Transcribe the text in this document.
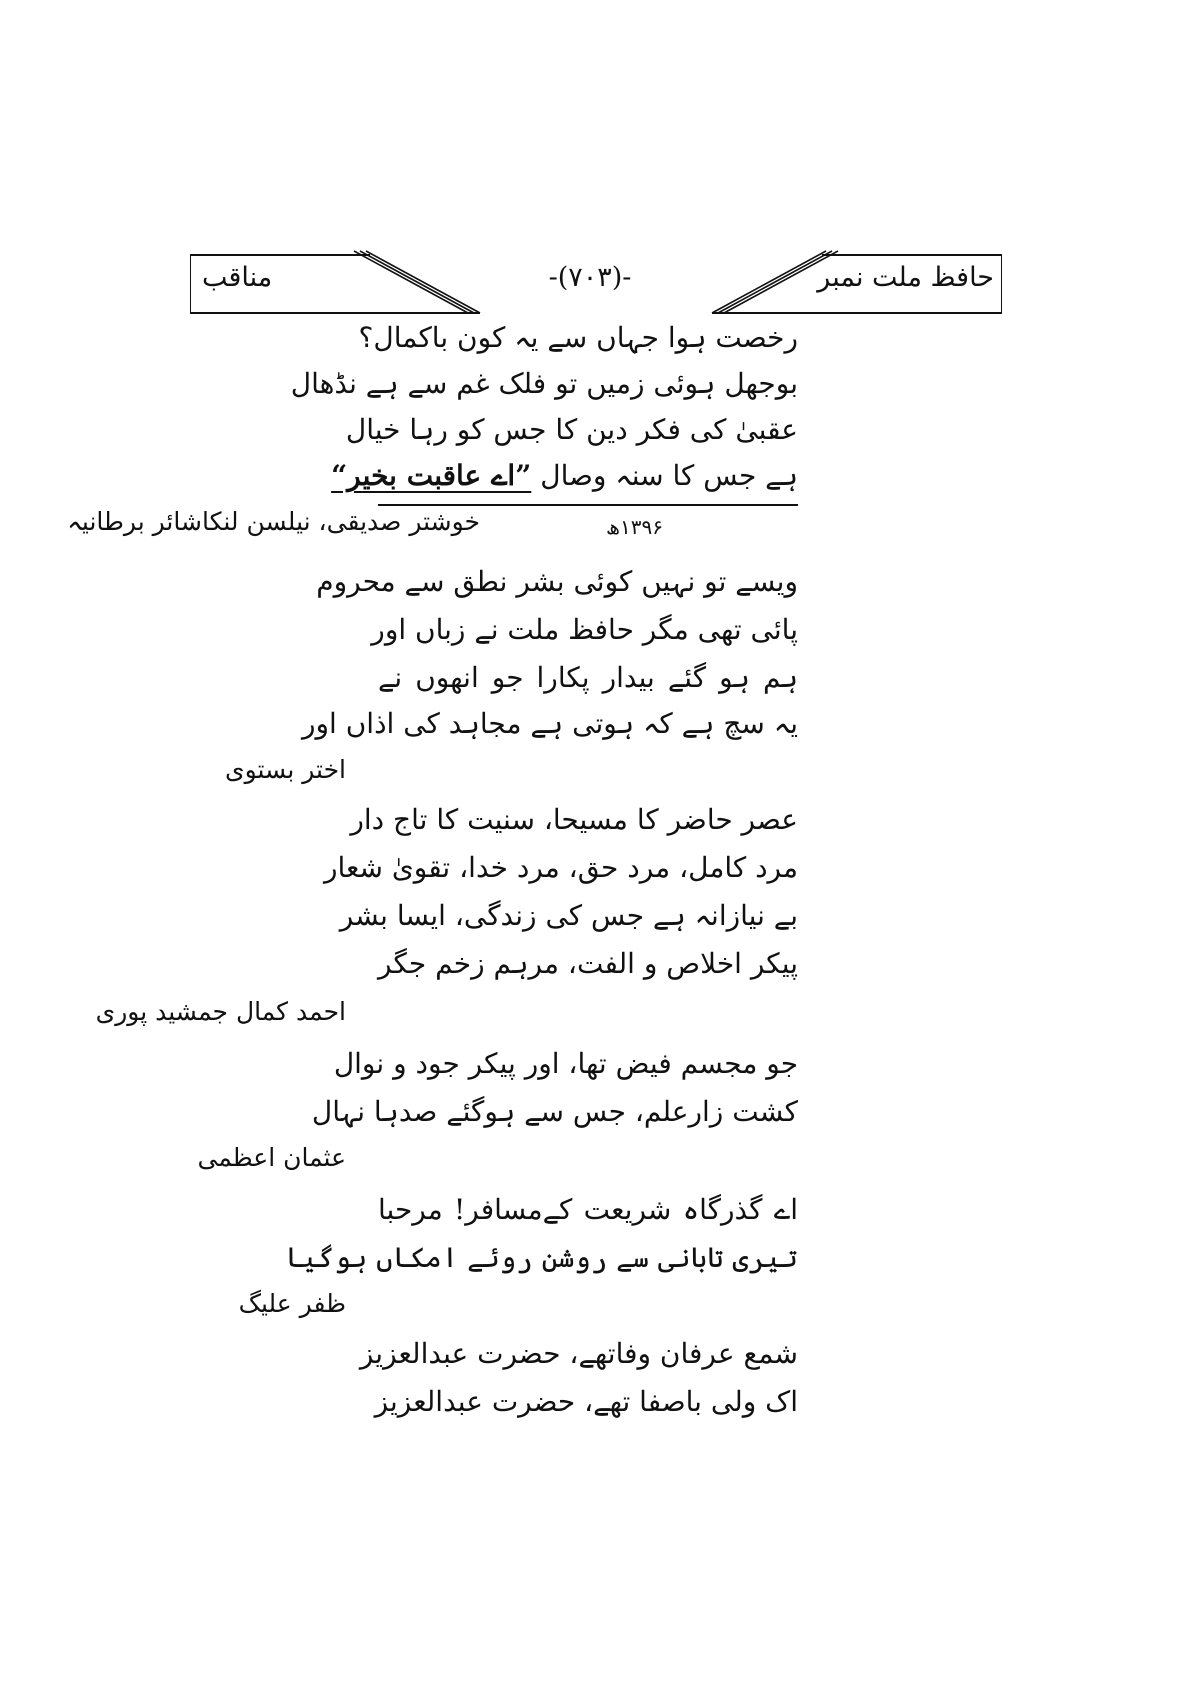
حافظ ملت نمبر
-(۷۰۳)-
مناقب
رخصت ہوا جہاں سے یہ کون باکمال؟
بوجھل ہوئی زمیں تو فلک غم سے ہے نڈھال
عقبیٰ کی فکر دین کا جس کو رہا خیال
ہے جس کا سنہ وصال ”اے عاقبت بخیر“
۱۳۹۶ھ
خوشتر صدیقی، نیلسن لنکاشائر برطانیہ
ویسے تو نہیں کوئی بشر نطق سے محروم
پائی تھی مگر حافظ ملت نے زباں اور
ہم ہو گئے بیدار پکارا جو انھوں نے
یہ سچ ہے کہ ہوتی ہے مجاہد کی اذاں اور
اختر بستوی
عصر حاضر کا مسیحا، سنیت کا تاج دار
مرد کامل، مرد حق، مرد خدا، تقویٰ شعار
بے نیازانہ ہے جس کی زندگی، ایسا بشر
پیکر اخلاص و الفت، مرہم زخم جگر
احمد کمال جمشید پوری
جو مجسم فیض تھا، اور پیکر جود و نوال
کشت زارعلم، جس سے ہوگئے صدہا نہال
عثمان اعظمی
اے گذرگاہ شریعت کےمسافر! مرحبا
تیری تابانی سے روشن روئے امکاں ہوگیا
ظفر علیگ
شمع عرفان وفاتھے، حضرت عبدالعزیز
اک ولی باصفا تھے، حضرت عبدالعزیز
